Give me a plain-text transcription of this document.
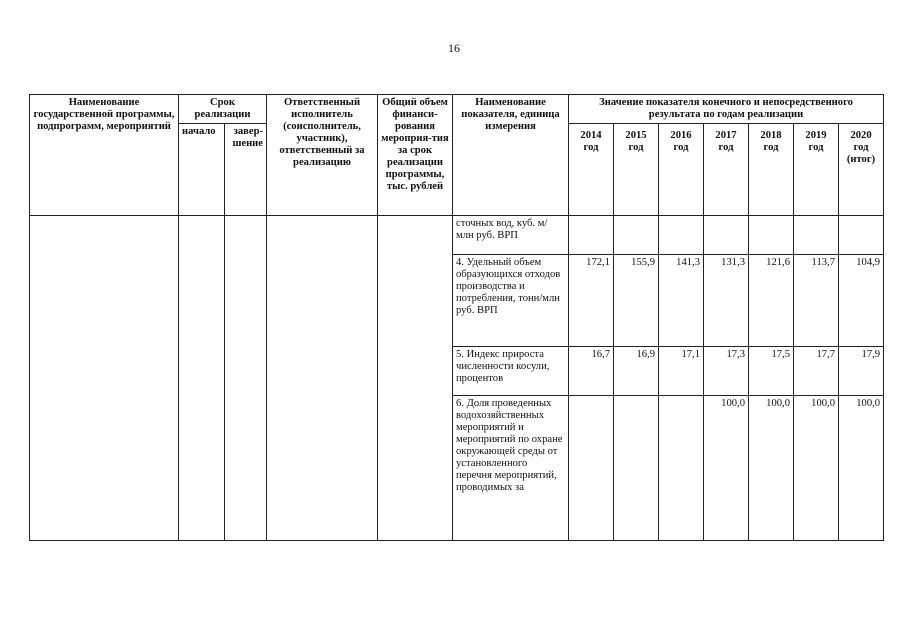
16
Наименование государственной программы, подпрограмм, мероприятий	Срок реализации		Ответственный исполнитель (соисполнитель, участник), ответственный за реализацию	Общий объем финанси-рования мероприя-тия за срок реализации программы, тыс. рублей	Наименование показателя, единица измерения	Значение показателя конечного и непосредственного результата по годам реализации						
	начало	завер-шение				2014 год	2015 год	2016 год	2017 год	2018 год	2019 год	2020 год (итог)
					сточных вод, куб. м/млн руб. ВРП							
					4. Удельный объем образующихся отходов производства и потребления, тонн/млн руб. ВРП	172,1	155,9	141,3	131,3	121,6	113,7	104,9
					5. Индекс прироста численности косули, процентов	16,7	16,9	17,1	17,3	17,5	17,7	17,9
					6. Доля проведенных водохозяйственных мероприятий и мероприятий по охране окружающей среды от установленного перечня мероприятий, проводимых за				100,0	100,0	100,0	100,0
